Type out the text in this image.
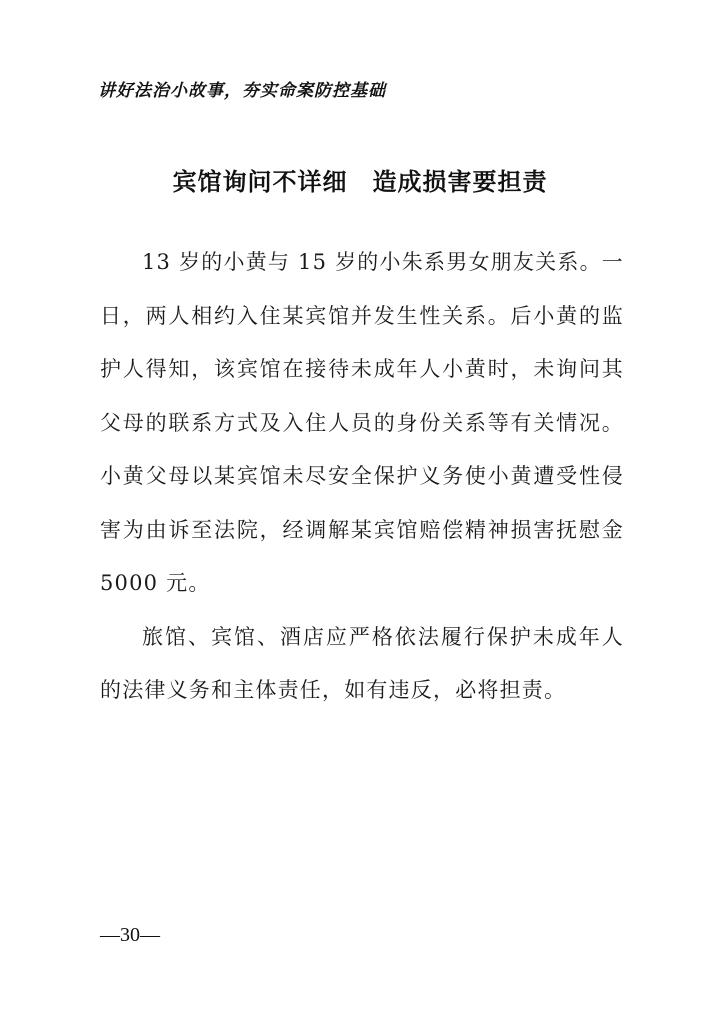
讲好法治小故事，夯实命案防控基础
宾馆询问不详细　造成损害要担责

13 岁的小黄与 15 岁的小朱系男女朋友关系。一日，两人相约入住某宾馆并发生性关系。后小黄的监护人得知，该宾馆在接待未成年人小黄时，未询问其父母的联系方式及入住人员的身份关系等有关情况。小黄父母以某宾馆未尽安全保护义务使小黄遭受性侵害为由诉至法院，经调解某宾馆赔偿精神损害抚慰金 5000 元。

旅馆、宾馆、酒店应严格依法履行保护未成年人的法律义务和主体责任，如有违反，必将担责。

—30—
